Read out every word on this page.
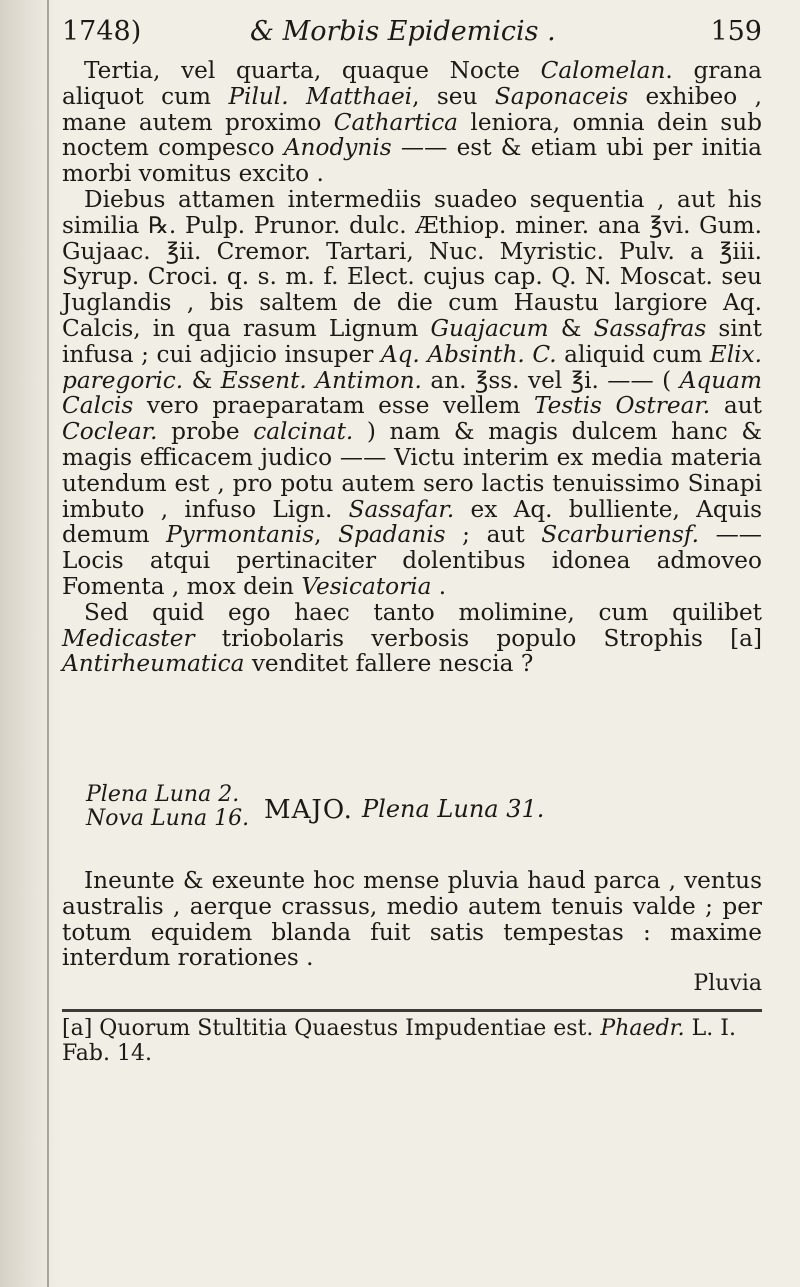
1748)	& Morbis Epidemicis .	159

Tertia, vel quarta, quaque Nocte Calomelan. grana aliquot cum Pilul. Matthaei, seu Saponaceis exhibeo , mane autem proximo Cathartica leniora, omnia dein sub noctem compesco Anodynis —— est & etiam ubi per initia morbi vomitus excito .

Diebus attamen intermediis suadeo sequentia , aut his similia ℞. Pulp. Prunor. dulc. Æthiop. miner. ana ℥vi. Gum. Gujaac. ℥ii. Cremor. Tartari, Nuc. Myristic. Pulv. a ℥iii. Syrup. Croci. q. s. m. f. Elect. cujus cap. Q. N. Moscat. seu Juglandis , bis saltem de die cum Haustu largiore Aq. Calcis, in qua rasum Lignum Guajacum & Sassafras sint infusa ; cui adjicio insuper Aq. Absinth. C. aliquid cum Elix. paregoric. & Essent. Antimon. an. ℥ss. vel ℥i. —— ( Aquam Calcis vero praeparatam esse vellem Testis Ostrear. aut Coclear. probe calcinat. ) nam & magis dulcem hanc & magis efficacem judico —— Victu interim ex media materia utendum est , pro potu autem sero lactis tenuissimo Sinapi imbuto , infuso Lign. Sassafar. ex Aq. bulliente, Aquis demum Pyrmontanis, Spadanis ; aut Scarburiensf. —— Locis atqui pertinaciter dolentibus idonea admoveo Fomenta , mox dein Vesicatoria .

Sed quid ego haec tanto molimine, cum quilibet Medicaster triobolaris verbosis populo Strophis [a] Antirheumatica venditet fallere nescia ?

Plena Luna 2.
Nova Luna 16. MAJO. Plena Luna 31.

Ineunte & exeunte hoc mense pluvia haud parca , ventus australis , aerque crassus, medio autem tenuis valde ; per totum equidem blanda fuit satis tempestas : maxime interdum rorationes .

Pluvia
[a] Quorum Stultitia Quaestus Impudentiae est. Phaedr. L. I. Fab. 14.
